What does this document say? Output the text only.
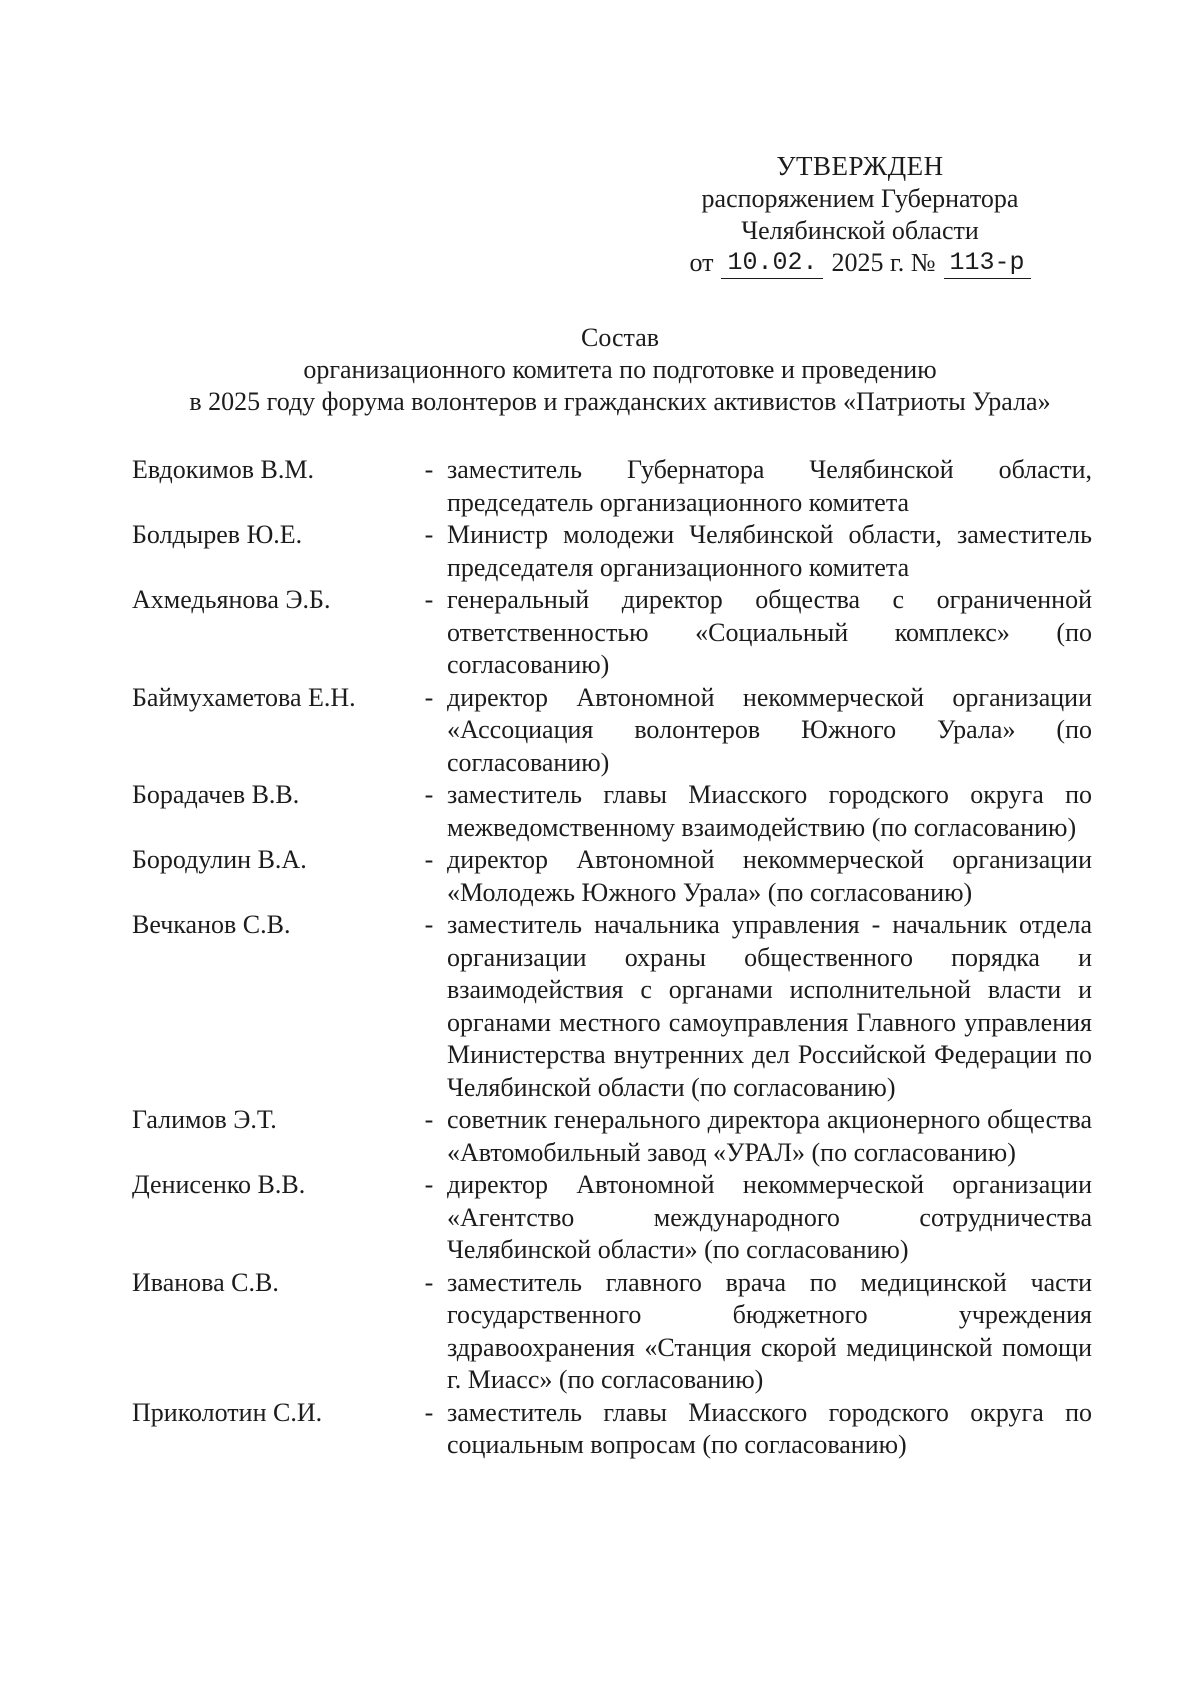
УТВЕРЖДЕН
распоряжением Губернатора
Челябинской области
от 10.02. 2025 г. № 113-р
Состав
организационного комитета по подготовке и проведению
в 2025 году форума волонтеров и гражданских активистов «Патриоты Урала»
Евдокимов В.М.	- заместитель Губернатора Челябинской области, председатель организационного комитета
Болдырев Ю.Е.	- Министр молодежи Челябинской области, заместитель председателя организационного комитета
Ахмедьянова Э.Б.	- генеральный директор общества с ограниченной ответственностью «Социальный комплекс» (по согласованию)
Баймухаметова Е.Н.	- директор Автономной некоммерческой организации «Ассоциация волонтеров Южного Урала» (по согласованию)
Борадачев В.В.	- заместитель главы Миасского городского округа по межведомственному взаимодействию (по согласованию)
Бородулин В.А.	- директор Автономной некоммерческой организации «Молодежь Южного Урала» (по согласованию)
Вечканов С.В.	- заместитель начальника управления - начальник отдела организации охраны общественного порядка и взаимодействия с органами исполнительной власти и органами местного самоуправления Главного управления Министерства внутренних дел Российской Федерации по Челябинской области (по согласованию)
Галимов Э.Т.	- советник генерального директора акционерного общества «Автомобильный завод «УРАЛ» (по согласованию)
Денисенко В.В.	- директор Автономной некоммерческой организации «Агентство международного сотрудничества Челябинской области» (по согласованию)
Иванова С.В.	- заместитель главного врача по медицинской части государственного бюджетного учреждения здравоохранения «Станция скорой медицинской помощи г. Миасс» (по согласованию)
Приколотин С.И.	- заместитель главы Миасского городского округа по социальным вопросам (по согласованию)
